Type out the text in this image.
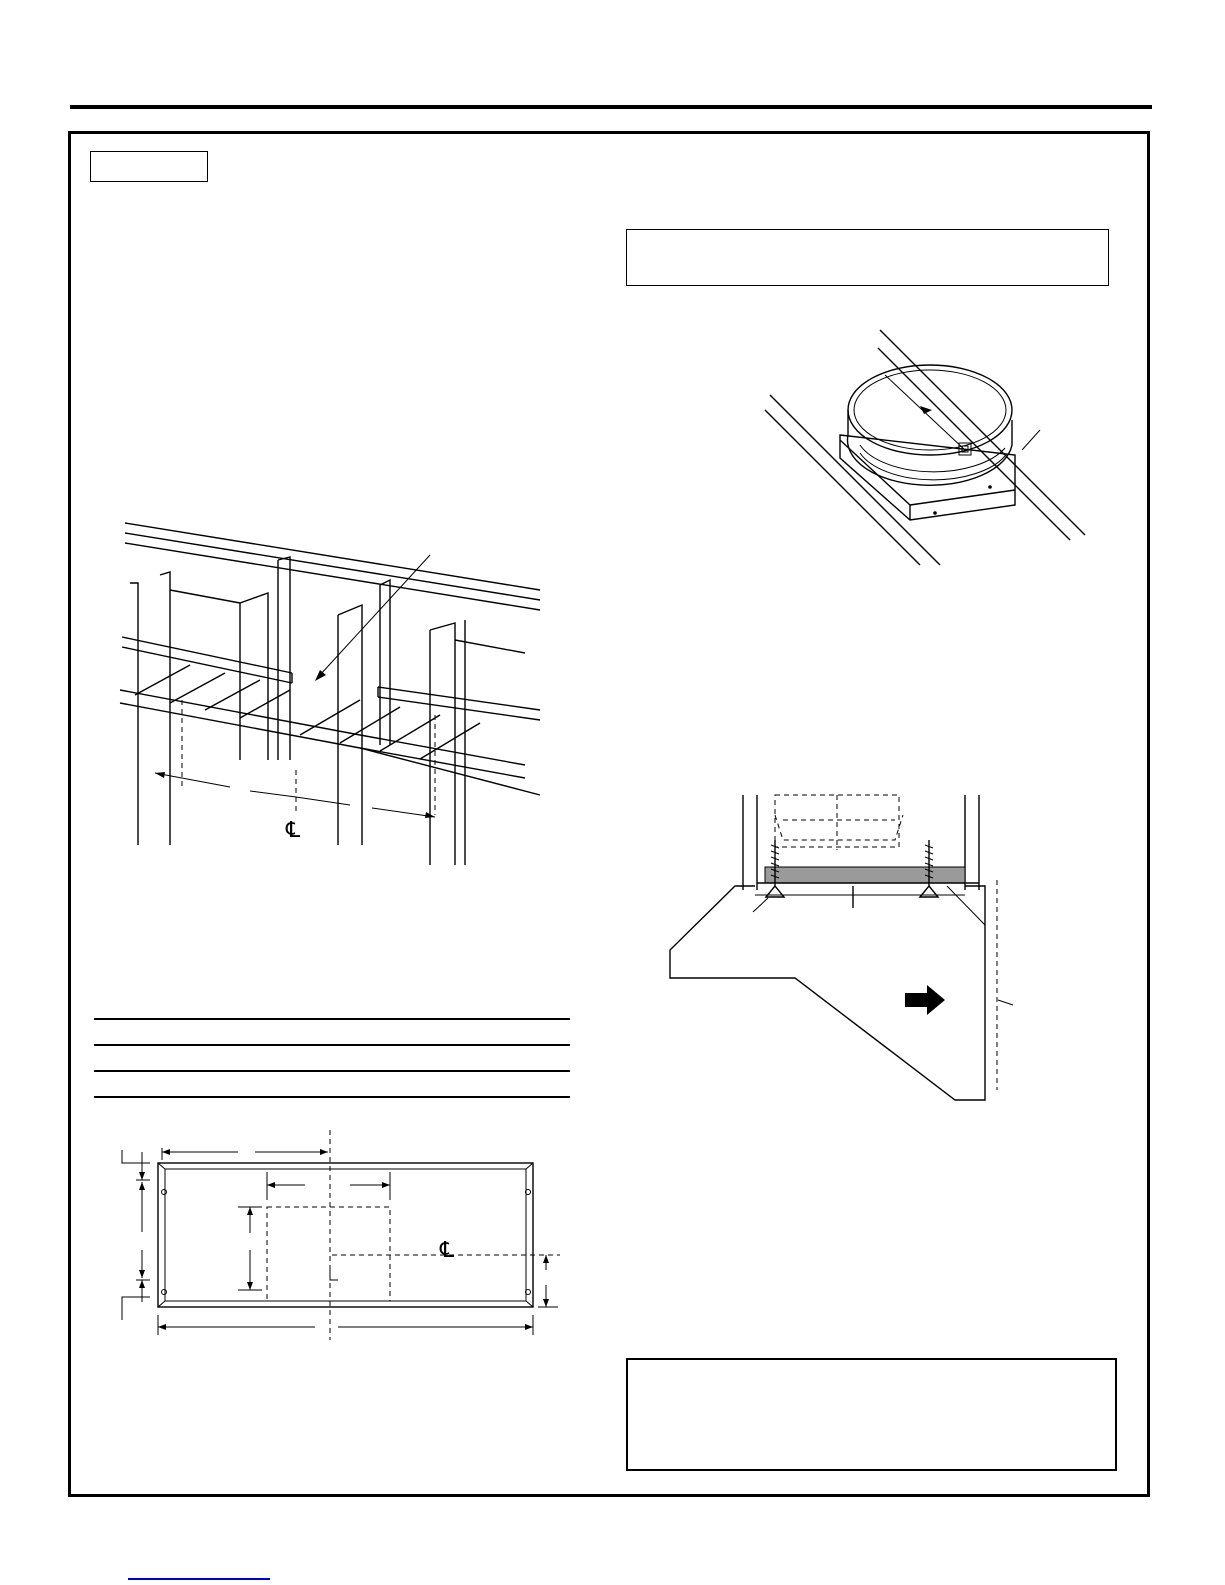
℄
℄
